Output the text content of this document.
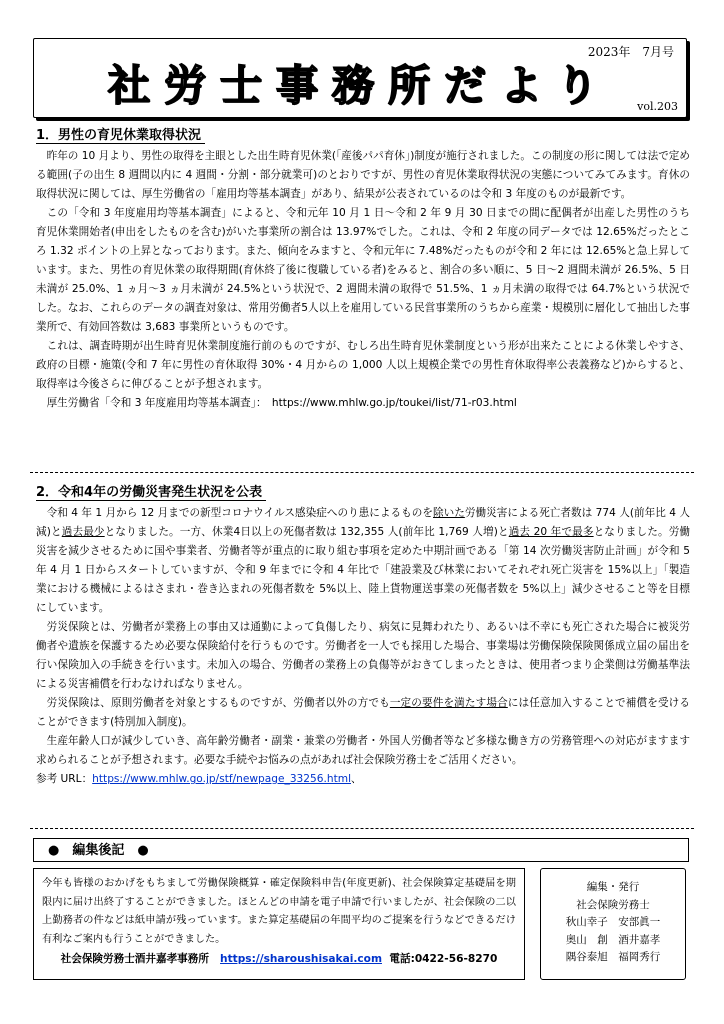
社労士事務所だより
2023年　7月号
vol.203
1．男性の育児休業取得状況

昨年の 10 月より、男性の取得を主眼とした出生時育児休業(「産後パパ育休」)制度が施行されました。この制度の形に関しては法で定める範囲(子の出生 8 週間以内に 4 週間・分割・部分就業可)のとおりですが、男性の育児休業取得状況の実態についてみてみます。育休の取得状況に関しては、厚生労働省の「雇用均等基本調査」があり、結果が公表されているのは令和 3 年度のものが最新です。

この「令和 3 年度雇用均等基本調査」によると、令和元年 10 月 1 日～令和 2 年 9 月 30 日までの間に配偶者が出産した男性のうち育児休業開始者(申出をしたものを含む)がいた事業所の割合は 13.97%でした。これは、令和 2 年度の同データでは 12.65%だったところ 1.32 ポイントの上昇となっております。また、傾向をみますと、令和元年に 7.48%だったものが令和 2 年には 12.65%と急上昇しています。また、男性の育児休業の取得期間(育休終了後に復職している者)をみると、割合の多い順に、5 日～2 週間未満が 26.5%、5 日未満が 25.0%、1 ヵ月～3 ヵ月未満が 24.5%という状況で、2 週間未満の取得で 51.5%、1 ヵ月未満の取得では 64.7%という状況でした。なお、これらのデータの調査対象は、常用労働者5人以上を雇用している民営事業所のうちから産業・規模別に層化して抽出した事業所で、有効回答数は 3,683 事業所というものです。

これは、調査時期が出生時育児休業制度施行前のものですが、むしろ出生時育児休業制度という形が出来たことによる休業しやすさ、政府の目標・施策(令和 7 年に男性の育休取得 30%・4 月からの 1,000 人以上規模企業での男性育休取得率公表義務など)からすると、取得率は今後さらに伸びることが予想されます。

厚生労働省「令和 3 年度雇用均等基本調査」：　https://www.mhlw.go.jp/toukei/list/71-r03.html

2．令和4年の労働災害発生状況を公表

令和 4 年 1 月から 12 月までの新型コロナウイルス感染症へのり患によるものを除いた労働災害による死亡者数は 774 人(前年比 4 人減)と過去最少となりました。一方、休業4日以上の死傷者数は 132,355 人(前年比 1,769 人増)と過去 20 年で最多となりました。労働災害を減少させるために国や事業者、労働者等が重点的に取り組む事項を定めた中期計画である「第 14 次労働災害防止計画」が令和 5 年 4 月 1 日からスタートしていますが、令和 9 年までに令和 4 年比で「建設業及び林業においてそれぞれ死亡災害を 15%以上」「製造業における機械によるはさまれ・巻き込まれの死傷者数を 5%以上、陸上貨物運送事業の死傷者数を 5%以上」減少させること等を目標にしています。

労災保険とは、労働者が業務上の事由又は通勤によって負傷したり、病気に見舞われたり、あるいは不幸にも死亡された場合に被災労働者や遺族を保護するため必要な保険給付を行うものです。労働者を一人でも採用した場合、事業場は労働保険保険関係成立届の届出を行い保険加入の手続きを行います。未加入の場合、労働者の業務上の負傷等がおきてしまったときは、使用者つまり企業側は労働基準法による災害補償を行わなければなりません。

労災保険は、原則労働者を対象とするものですが、労働者以外の方でも一定の要件を満たす場合には任意加入することで補償を受けることができます(特別加入制度)。

生産年齢人口が減少していき、高年齢労働者・副業・兼業の労働者・外国人労働者等など多様な働き方の労務管理への対応がますます求められることが予想されます。必要な手続やお悩みの点があれば社会保険労務士をご活用ください。

参考 URL：https://www.mhlw.go.jp/stf/newpage_33256.html、

●　編集後記　●

今年も皆様のおかげをもちまして労働保険概算・確定保険料申告(年度更新)、社会保険算定基礎届を期限内に届け出終了することができました。ほとんどの申請を電子申請で行いましたが、社会保険の二以上勤務者の件などは紙申請が残っています。また算定基礎届の年間平均のご提案を行うなどできるだけ有利なご案内も行うことができました。

社会保険労務士酒井嘉孝事務所 https://sharoushisakai.com 電話:0422-56-8270
編集・発行
社会保険労務士
秋山幸子　安部眞一
奥山　創　酒井嘉孝
隅谷泰旭　福岡秀行
